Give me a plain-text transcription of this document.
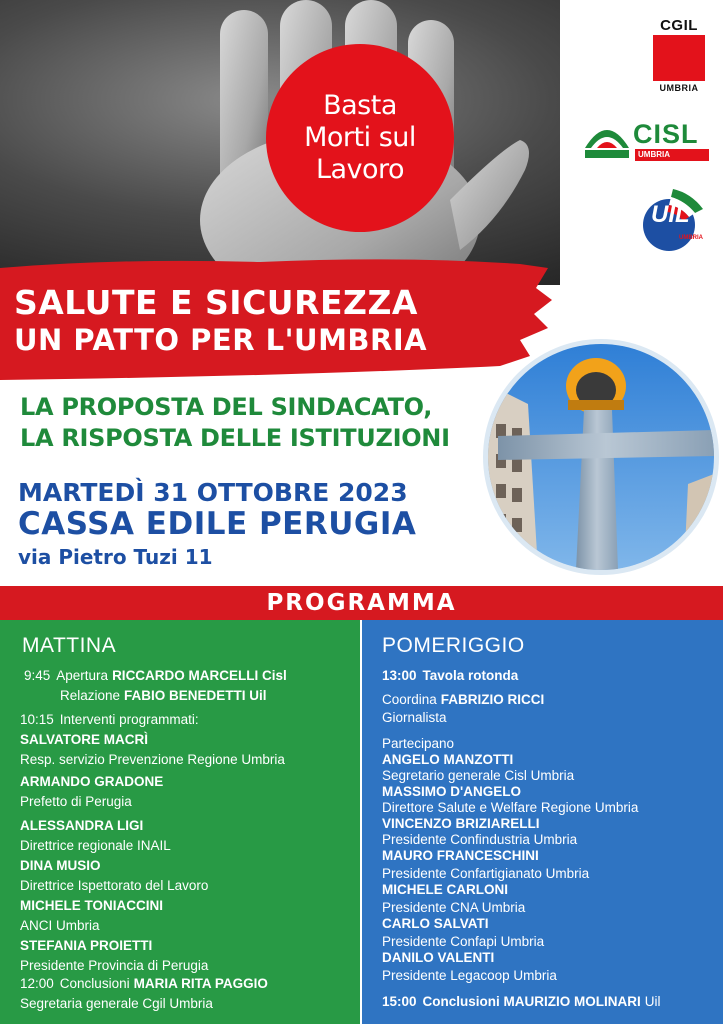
Basta
Morti sul
Lavoro
CGIL
UMBRIA
CISL
UMBRIA
UIL
UMBRIA
SALUTE E SICUREZZA
UN PATTO PER L'UMBRIA
LA PROPOSTA DEL SINDACATO,
LA RISPOSTA DELLE ISTITUZIONI
MARTEDÌ 31 OTTOBRE 2023
CASSA EDILE PERUGIA
via Pietro Tuzi 11
PROGRAMMA
MATTINA
9:45 Apertura RICCARDO MARCELLI Cisl
Relazione FABIO BENEDETTI Uil
10:15 Interventi programmati:
SALVATORE MACRÌ
Resp. servizio Prevenzione Regione Umbria
ARMANDO GRADONE
Prefetto di Perugia
ALESSANDRA LIGI
Direttrice regionale INAIL
DINA MUSIO
Direttrice Ispettorato del Lavoro
MICHELE TONIACCINI
ANCI Umbria
STEFANIA PROIETTI
Presidente Provincia di Perugia
12:00 Conclusioni MARIA RITA PAGGIO
Segretaria generale Cgil Umbria
POMERIGGIO
13:00 Tavola rotonda
Coordina FABRIZIO RICCI
Giornalista
Partecipano
ANGELO MANZOTTI
Segretario generale Cisl Umbria
MASSIMO D'ANGELO
Direttore Salute e Welfare Regione Umbria
VINCENZO BRIZIARELLI
Presidente Confindustria Umbria
MAURO FRANCESCHINI
Presidente Confartigianato Umbria
MICHELE CARLONI
Presidente CNA Umbria
CARLO SALVATI
Presidente Confapi Umbria
DANILO VALENTI
Presidente Legacoop Umbria
15:00 Conclusioni MAURIZIO MOLINARI Uil
